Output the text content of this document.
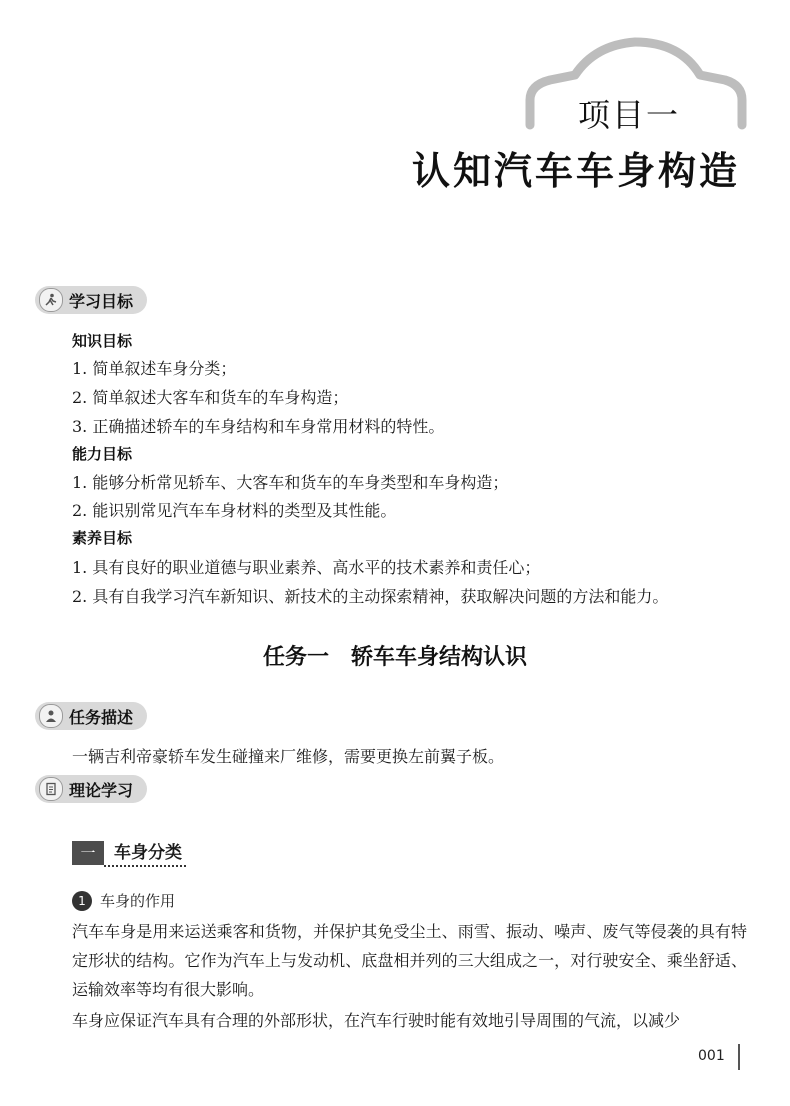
项目一
认知汽车车身构造
学习目标
知识目标
1. 简单叙述车身分类；
2. 简单叙述大客车和货车的车身构造；
3. 正确描述轿车的车身结构和车身常用材料的特性。
能力目标
1. 能够分析常见轿车、大客车和货车的车身类型和车身构造；
2. 能识别常见汽车车身材料的类型及其性能。
素养目标
1. 具有良好的职业道德与职业素养、高水平的技术素养和责任心；
2. 具有自我学习汽车新知识、新技术的主动探索精神，获取解决问题的方法和能力。
任务一　轿车车身结构认识
任务描述
一辆吉利帝豪轿车发生碰撞来厂维修，需要更换左前翼子板。
理论学习
一	车身分类
1 车身的作用
汽车车身是用来运送乘客和货物，并保护其免受尘土、雨雪、振动、噪声、废气等侵袭的具有特定形状的结构。它作为汽车上与发动机、底盘相并列的三大组成之一，对行驶安全、乘坐舒适、运输效率等均有很大影响。
车身应保证汽车具有合理的外部形状，在汽车行驶时能有效地引导周围的气流，以减少
001
